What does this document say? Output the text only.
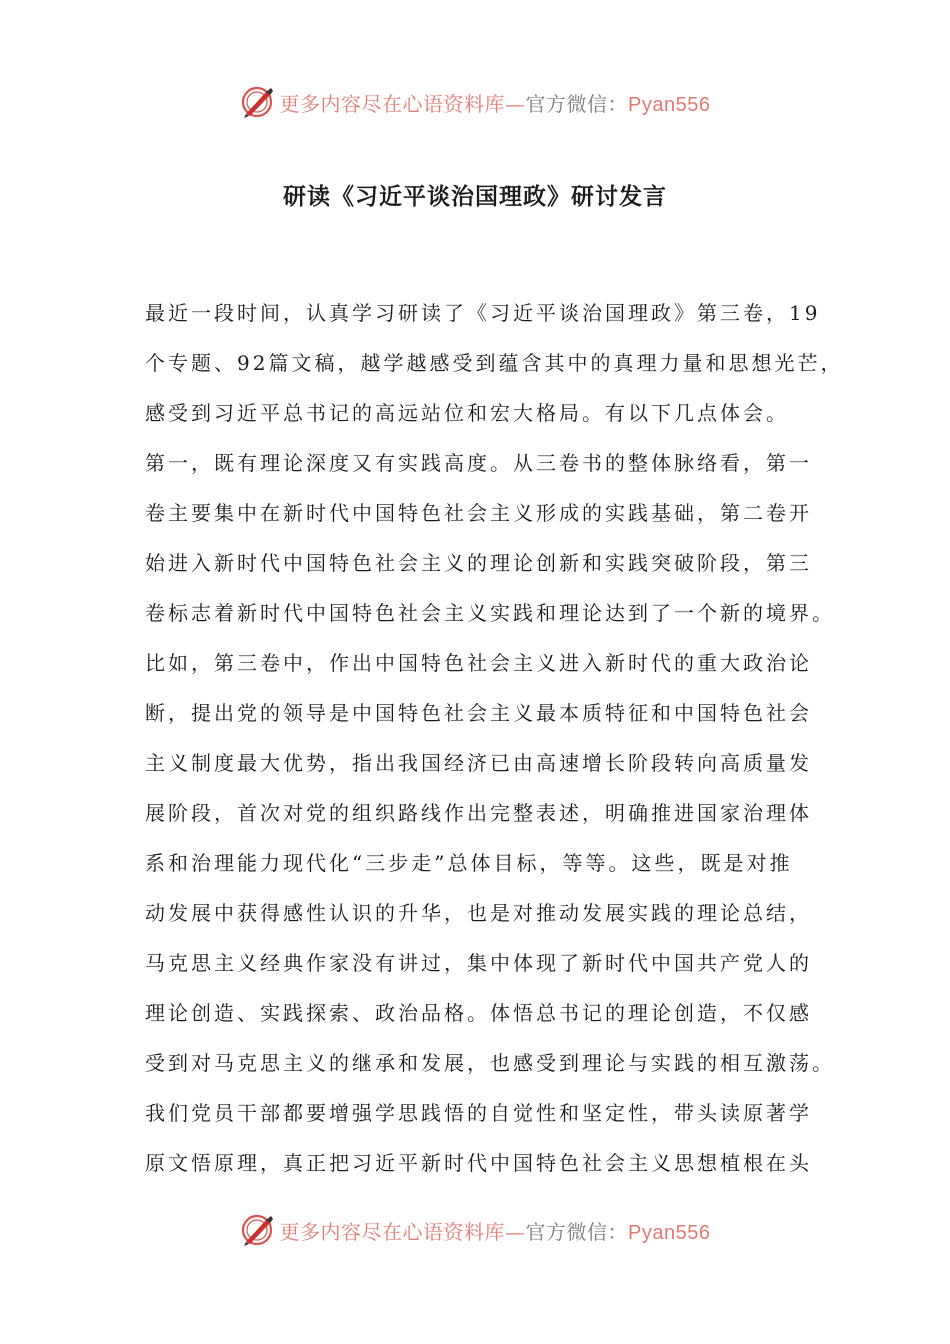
更多内容尽在心语资料库—官方微信：Pyan556
研读《习近平谈治国理政》研讨发言
最近一段时间，认真学习研读了《习近平谈治国理政》第三卷，19
个专题、92篇文稿，越学越感受到蕴含其中的真理力量和思想光芒，
感受到习近平总书记的高远站位和宏大格局。有以下几点体会。
第一，既有理论深度又有实践高度。从三卷书的整体脉络看，第一
卷主要集中在新时代中国特色社会主义形成的实践基础，第二卷开
始进入新时代中国特色社会主义的理论创新和实践突破阶段，第三
卷标志着新时代中国特色社会主义实践和理论达到了一个新的境界。
比如，第三卷中，作出中国特色社会主义进入新时代的重大政治论
断，提出党的领导是中国特色社会主义最本质特征和中国特色社会
主义制度最大优势，指出我国经济已由高速增长阶段转向高质量发
展阶段，首次对党的组织路线作出完整表述，明确推进国家治理体
系和治理能力现代化“三步走”总体目标，等等。这些，既是对推
动发展中获得感性认识的升华，也是对推动发展实践的理论总结，
马克思主义经典作家没有讲过，集中体现了新时代中国共产党人的
理论创造、实践探索、政治品格。体悟总书记的理论创造，不仅感
受到对马克思主义的继承和发展，也感受到理论与实践的相互激荡。
我们党员干部都要增强学思践悟的自觉性和坚定性，带头读原著学
原文悟原理，真正把习近平新时代中国特色社会主义思想植根在头
更多内容尽在心语资料库—官方微信：Pyan556
